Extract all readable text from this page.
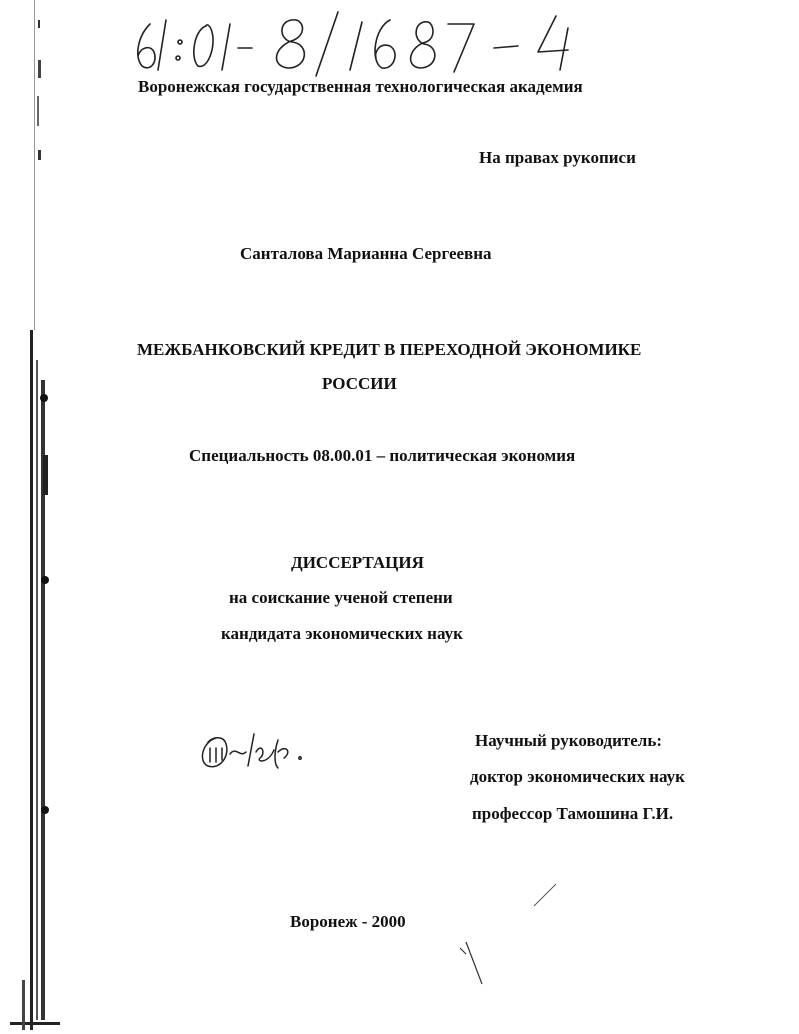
Воронежская государственная технологическая академия
На правах рукописи
Санталова Марианна Сергеевна
МЕЖБАНКОВСКИЙ КРЕДИТ В ПЕРЕХОДНОЙ ЭКОНОМИКЕ
РОССИИ
Специальность 08.00.01 – политическая экономия
ДИССЕРТАЦИЯ
на соискание ученой степени
кандидата экономических наук
Научный руководитель:
доктор экономических наук
профессор Тамошина Г.И.
Воронеж - 2000
